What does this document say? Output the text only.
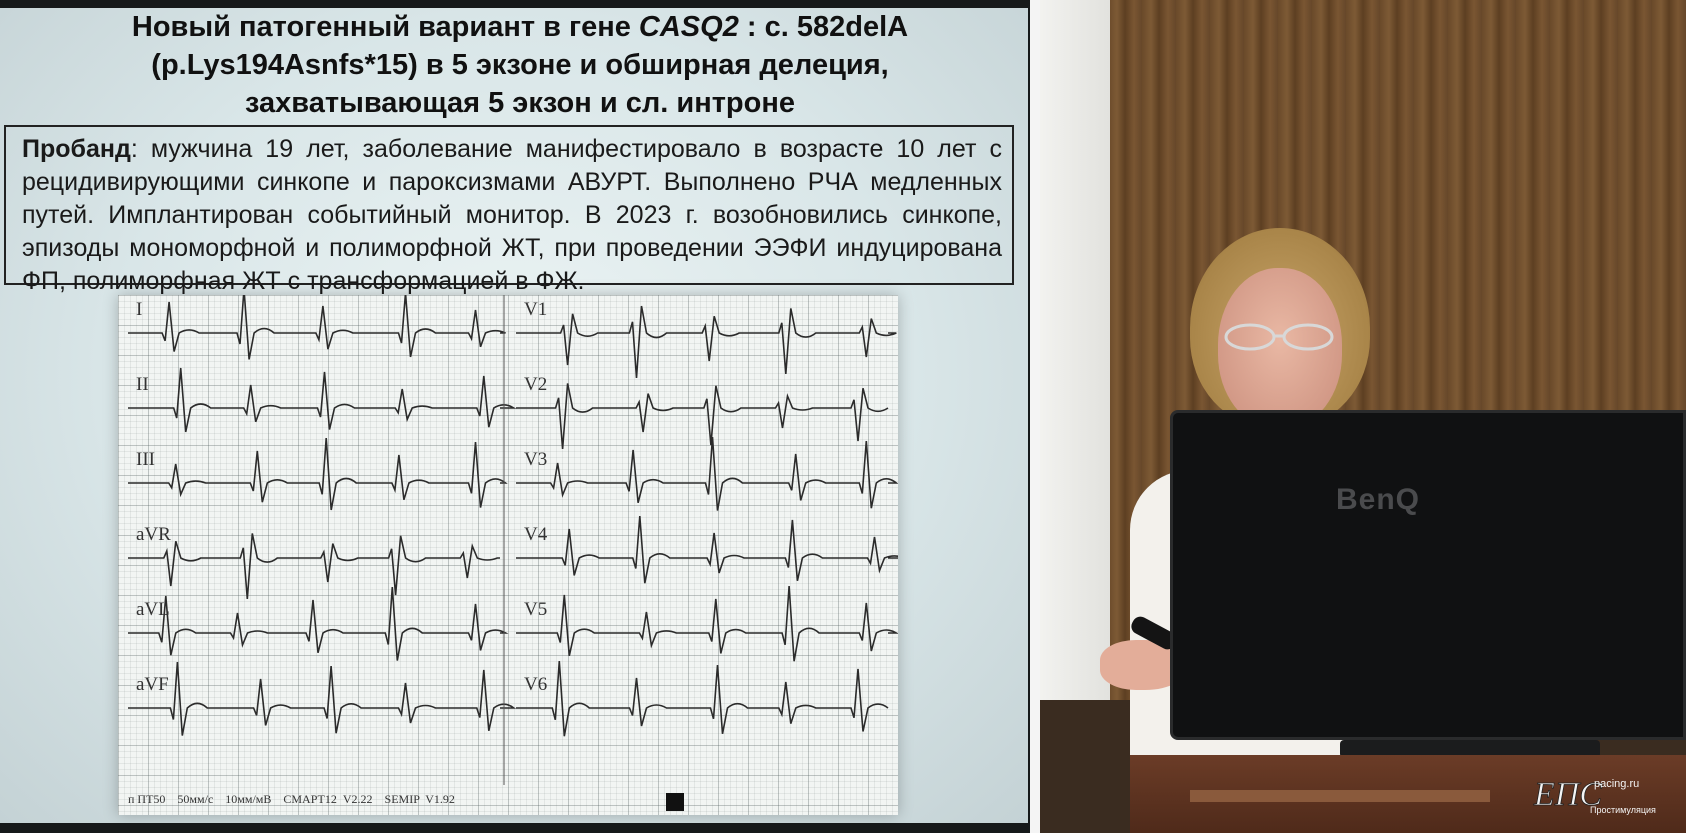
Новый патогенный вариант в гене CASQ2 : с. 582delA
(p.Lys194Asnfs*15) в 5 экзоне и обширная делеция,
захватывающая 5 экзон и сл. интроне
Пробанд: мужчина 19 лет, заболевание манифестировало в возрасте 10 лет с рецидивирующими синкопе и пароксизмами АВУРТ. Выполнено РЧА медленных путей. Имплантирован событийный монитор. В 2023 г. возобновились синкопе, эпизоды мономорфной и полиморфной ЖТ, при проведении ЭЭФИ индуцирована ФП, полиморфная ЖТ с трансформацией в ФЖ.
I
II
III
aVR
aVL
aVF
V1
V2
V3
V4
V5
V6
п ПТ50    50мм/с    10мм/мВ    СМАРТ12  V2.22    SEMIP  V1.92
BenQ
ЕПС
pacing.ru
Простимуляция
